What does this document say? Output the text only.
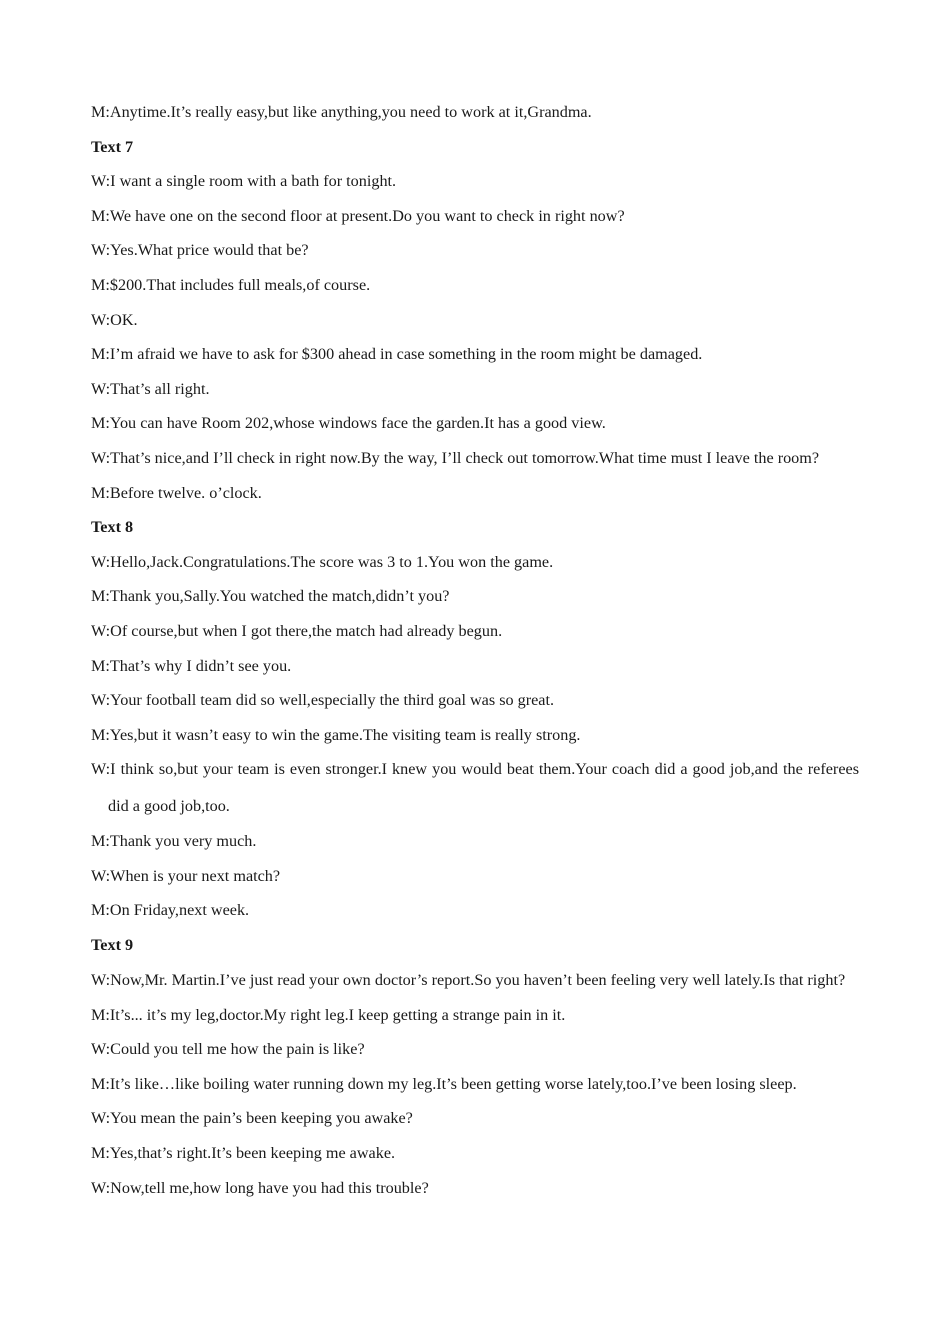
M:Anytime.It’s really easy,but like anything,you need to work at it,Grandma.

Text 7

W:I want a single room with a bath for tonight.

M:We have one on the second floor at present.Do you want to check in right now?

W:Yes.What price would that be?

M:$200.That includes full meals,of course.

W:OK.

M:I’m afraid we have to ask for $300 ahead in case something in the room might be damaged.

W:That’s all right.

M:You can have Room 202,whose windows face the garden.It has a good view.

W:That’s nice,and I’ll check in right now.By the way, I’ll check out tomorrow.What time must I leave the room?

M:Before twelve. o’clock.

Text 8

W:Hello,Jack.Congratulations.The score was 3 to 1.You won the game.

M:Thank you,Sally.You watched the match,didn’t you?

W:Of course,but when I got there,the match had already begun.

M:That’s why I didn’t see you.

W:Your football team did so well,especially the third goal was so great.

M:Yes,but it wasn’t easy to win the game.The visiting team is really strong.

W:I think so,but your team is even stronger.I knew you would beat them.Your coach did a good job,and the referees did a good job,too.

M:Thank you very much.

W:When is your next match?

M:On Friday,next week.

Text 9

W:Now,Mr. Martin.I’ve just read your own doctor’s report.So you haven’t been feeling very well lately.Is that right?

M:It’s... it’s my leg,doctor.My right leg.I keep getting a strange pain in it.

W:Could you tell me how the pain is like?

M:It’s like…like boiling water running down my leg.It’s been getting worse lately,too.I’ve been losing sleep.

W:You mean the pain’s been keeping you awake?

M:Yes,that’s right.It’s been keeping me awake.

W:Now,tell me,how long have you had this trouble?
